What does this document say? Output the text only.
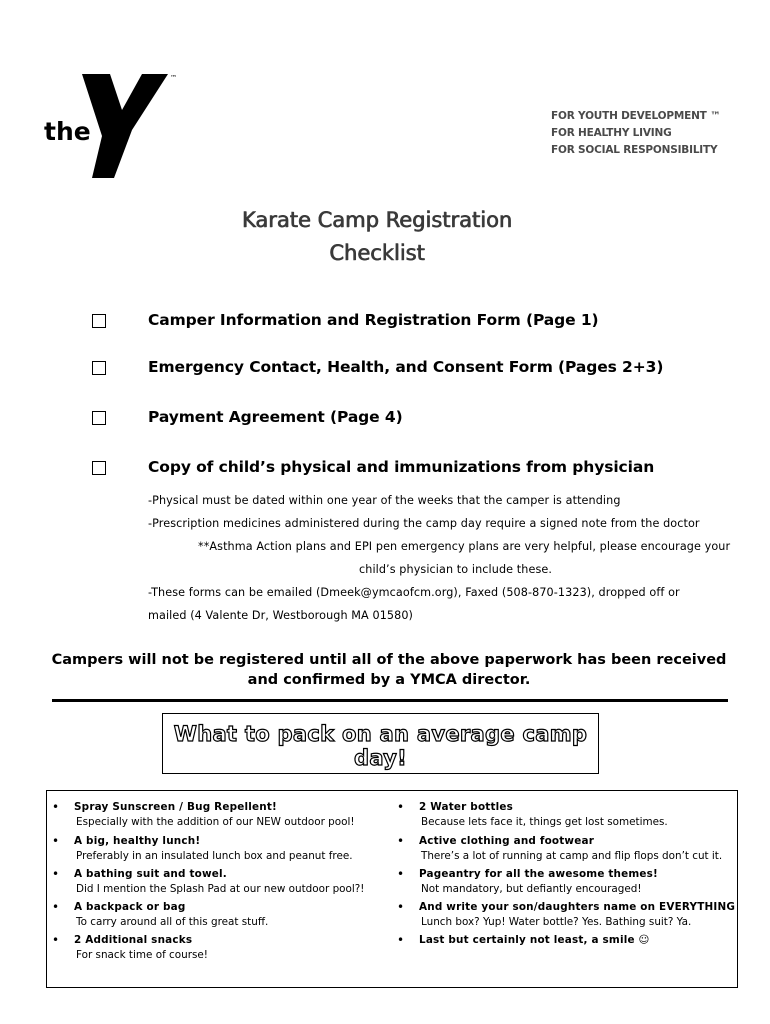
the
™
YMCA
FOR YOUTH DEVELOPMENT ™
FOR HEALTHY LIVING
FOR SOCIAL RESPONSIBILITY
Karate Camp Registration
Checklist
Camper Information and Registration Form (Page 1)
Emergency Contact, Health, and Consent Form (Pages 2+3)
Payment Agreement (Page 4)
Copy of child’s physical and immunizations from physician
-Physical must be dated within one year of the weeks that the camper is attending
-Prescription medicines administered during the camp day require a signed note from the doctor
**Asthma Action plans and EPI pen emergency plans are very helpful, please encourage your
child’s physician to include these.
-These forms can be emailed (Dmeek@ymcaofcm.org), Faxed (508-870-1323), dropped off or
mailed (4 Valente Dr, Westborough MA 01580)
Campers will not be registered until all of the above paperwork has been received
and confirmed by a YMCA director.
What to pack on an average camp day!
• Spray Sunscreen / Bug Repellent!
Especially with the addition of our NEW outdoor pool!
• A big, healthy lunch!
Preferably in an insulated lunch box and peanut free.
• A bathing suit and towel.
Did I mention the Splash Pad at our new outdoor pool?!
• A backpack or bag
To carry around all of this great stuff.
• 2 Additional snacks
For snack time of course!
• 2 Water bottles
Because lets face it, things get lost sometimes.
• Active clothing and footwear
There’s a lot of running at camp and flip flops don’t cut it.
• Pageantry for all the awesome themes!
Not mandatory, but defiantly encouraged!
• And write your son/daughters name on EVERYTHING
Lunch box? Yup! Water bottle? Yes. Bathing suit? Ya.
• Last but certainly not least, a smile ☺
